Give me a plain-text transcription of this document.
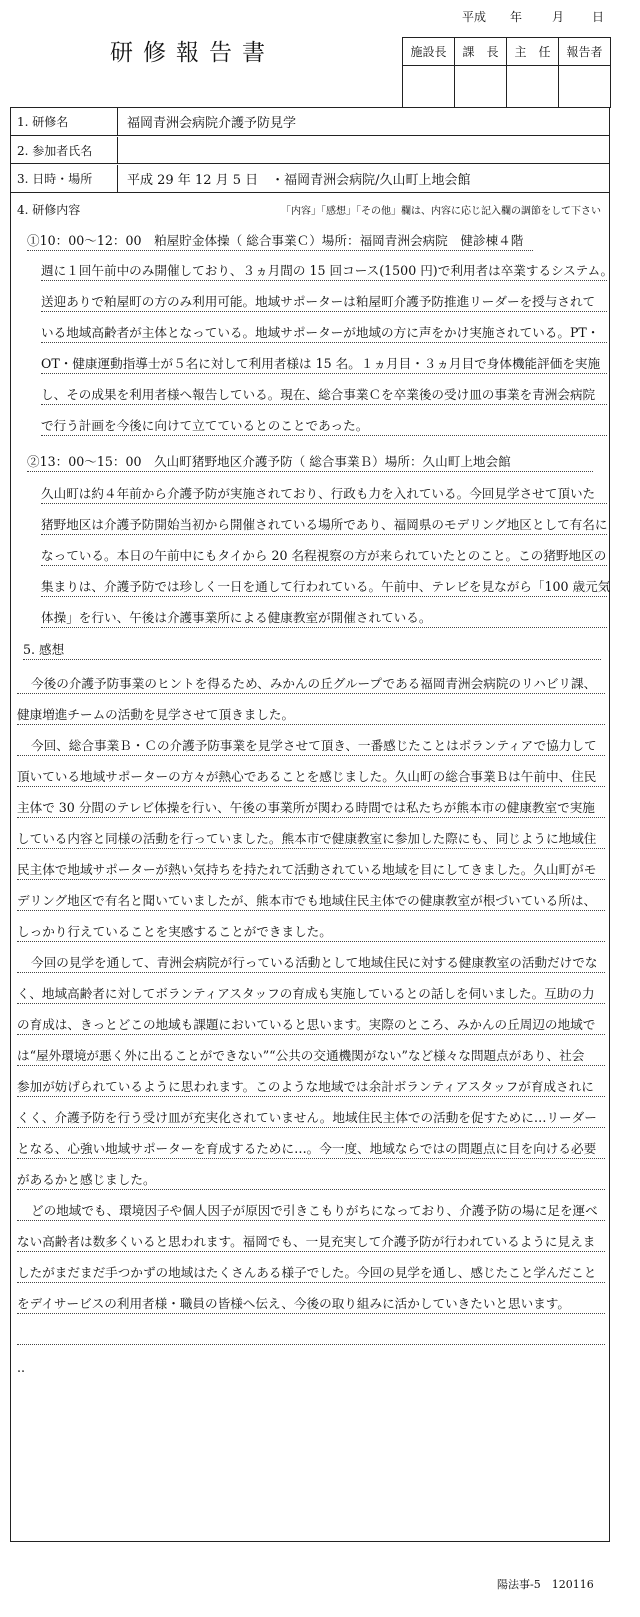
平成 年 月 日
研修報告書	施設長	課　長	主　任	報告者

1. 研修名	福岡青洲会病院介護予防見学
2. 参加者氏名
3. 日時・場所	平成 29 年 12 月 5 日　・福岡青洲会病院/久山町上地会館
4. 研修内容	「内容」「感想」「その他」欄は、内容に応じ記入欄の調節をして下さい
①10：00〜12：00　粕屋貯金体操（ 総合事業Ｃ）場所：福岡青洲会病院　健診棟４階
週に１回午前中のみ開催しており、３ヵ月間の 15 回コース(1500 円)で利用者は卒業するシステム。
送迎ありで粕屋町の方のみ利用可能。地域サポーターは粕屋町介護予防推進リーダーを授与されて
いる地域高齢者が主体となっている。地域サポーターが地域の方に声をかけ実施されている。PT・
OT・健康運動指導士が５名に対して利用者様は 15 名。１ヵ月目・３ヵ月目で身体機能評価を実施
し、その成果を利用者様へ報告している。現在、総合事業Ｃを卒業後の受け皿の事業を青洲会病院
で行う計画を今後に向けて立てているとのことであった。
②13：00〜15：00　久山町猪野地区介護予防（ 総合事業Ｂ）場所：久山町上地会館
久山町は約４年前から介護予防が実施されており、行政も力を入れている。今回見学させて頂いた
猪野地区は介護予防開始当初から開催されている場所であり、福岡県のモデリング地区として有名に
なっている。本日の午前中にもタイから 20 名程視察の方が来られていたとのこと。この猪野地区の
集まりは、介護予防では珍しく一日を通して行われている。午前中、テレビを見ながら「100 歳元気
体操」を行い、午後は介護事業所による健康教室が開催されている。
5. 感想
今後の介護予防事業のヒントを得るため、みかんの丘グループである福岡青洲会病院のリハビリ課、
健康増進チームの活動を見学させて頂きました。
今回、総合事業Ｂ・Ｃの介護予防事業を見学させて頂き、一番感じたことはボランティアで協力して
頂いている地域サポーターの方々が熱心であることを感じました。久山町の総合事業Ｂは午前中、住民
主体で 30 分間のテレビ体操を行い、午後の事業所が関わる時間では私たちが熊本市の健康教室で実施
している内容と同様の活動を行っていました。熊本市で健康教室に参加した際にも、同じように地域住
民主体で地域サポーターが熱い気持ちを持たれて活動されている地域を目にしてきました。久山町がモ
デリング地区で有名と聞いていましたが、熊本市でも地域住民主体での健康教室が根づいている所は、
しっかり行えていることを実感することができました。
今回の見学を通して、青洲会病院が行っている活動として地域住民に対する健康教室の活動だけでな
く、地域高齢者に対してボランティアスタッフの育成も実施しているとの話しを伺いました。互助の力
の育成は、きっとどこの地域も課題においていると思います。実際のところ、みかんの丘周辺の地域で
は“屋外環境が悪く外に出ることができない”“公共の交通機関がない”など様々な問題点があり、社会
参加が妨げられているように思われます。このような地域では余計ボランティアスタッフが育成されに
くく、介護予防を行う受け皿が充実化されていません。地域住民主体での活動を促すために…リーダー
となる、心強い地域サポーターを育成するために…。今一度、地域ならではの問題点に目を向ける必要
があるかと感じました。
どの地域でも、環境因子や個人因子が原因で引きこもりがちになっており、介護予防の場に足を運べ
ない高齢者は数多くいると思われます。福岡でも、一見充実して介護予防が行われているように見えま
したがまだまだ手つかずの地域はたくさんある様子でした。今回の見学を通し、感じたこと学んだこと
をデイサービスの利用者様・職員の皆様へ伝え、今後の取り組みに活かしていきたいと思います。
..
陽法事-5　120116
